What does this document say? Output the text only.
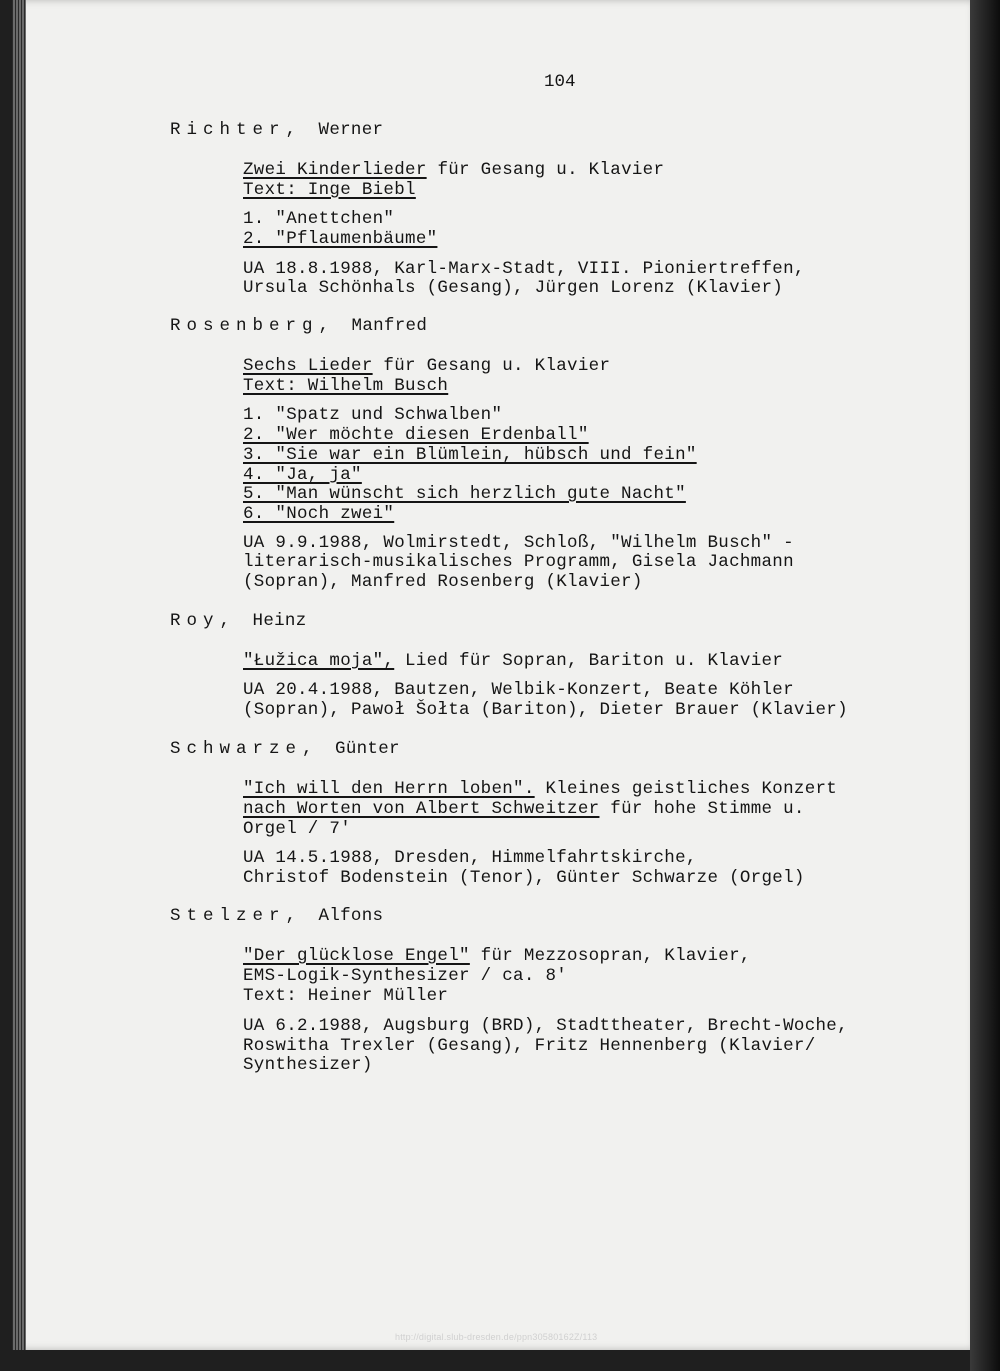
104
Richter, Werner
Zwei Kinderlieder für Gesang u. Klavier
Text: Inge Biebl
1. "Anettchen"
2. "Pflaumenbäume"
UA 18.8.1988, Karl-Marx-Stadt, VIII. Pioniertreffen,
Ursula Schönhals (Gesang), Jürgen Lorenz (Klavier)
Rosenberg, Manfred
Sechs Lieder für Gesang u. Klavier
Text: Wilhelm Busch
1. "Spatz und Schwalben"
2. "Wer möchte diesen Erdenball"
3. "Sie war ein Blümlein, hübsch und fein"
4. "Ja, ja"
5. "Man wünscht sich herzlich gute Nacht"
6. "Noch zwei"
UA 9.9.1988, Wolmirstedt, Schloß, "Wilhelm Busch" -
literarisch-musikalisches Programm, Gisela Jachmann
(Sopran), Manfred Rosenberg (Klavier)
Roy, Heinz
"Łužica moja", Lied für Sopran, Bariton u. Klavier
UA 20.4.1988, Bautzen, Welbik-Konzert, Beate Köhler
(Sopran), Pawoł Šołta (Bariton), Dieter Brauer (Klavier)
Schwarze, Günter
"Ich will den Herrn loben". Kleines geistliches Konzert
nach Worten von Albert Schweitzer für hohe Stimme u.
Orgel / 7'
UA 14.5.1988, Dresden, Himmelfahrtskirche,
Christof Bodenstein (Tenor), Günter Schwarze (Orgel)
Stelzer, Alfons
"Der glücklose Engel" für Mezzosopran, Klavier,
EMS-Logik-Synthesizer / ca. 8'
Text: Heiner Müller
UA 6.2.1988, Augsburg (BRD), Stadttheater, Brecht-Woche,
Roswitha Trexler (Gesang), Fritz Hennenberg (Klavier/
Synthesizer)
http://digital.slub-dresden.de/ppn30580162Z/113
